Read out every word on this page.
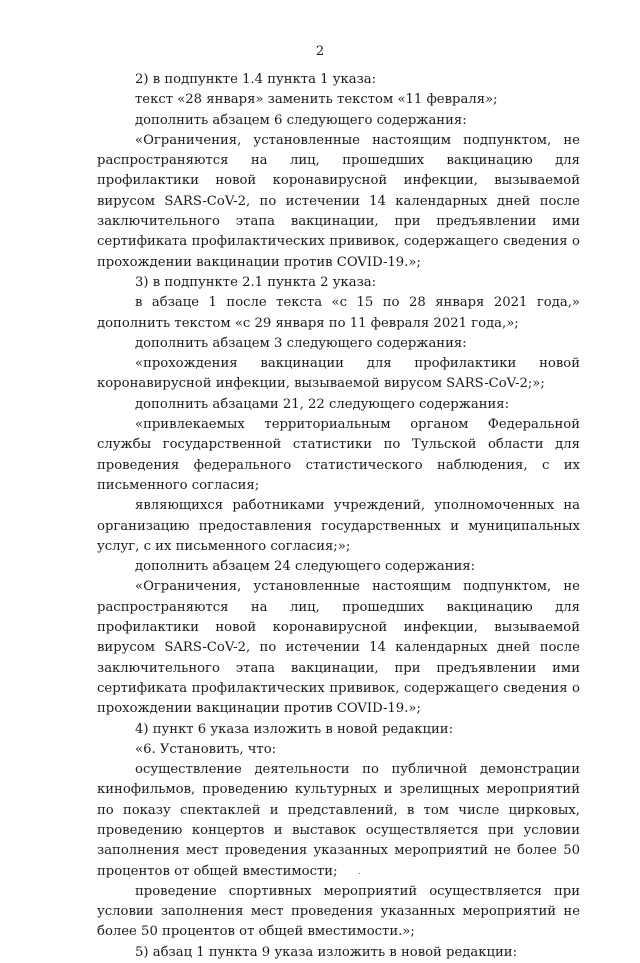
2

2) в подпункте 1.4 пункта 1 указа:

текст «28 января» заменить текстом «11 февраля»;

дополнить абзацем 6 следующего содержания:

«Ограничения, установленные настоящим подпунктом, не распространяются на лиц, прошедших вакцинацию для профилактики новой коронавирусной инфекции, вызываемой вирусом SARS-CoV-2, по истечении 14 календарных дней после заключительного этапа вакцинации, при предъявлении ими сертификата профилактических прививок, содержащего сведения о прохождении вакцинации против COVID-19.»;

3) в подпункте 2.1 пункта 2 указа:

в абзаце 1 после текста «с 15 по 28 января 2021 года,» дополнить текстом «с 29 января по 11 февраля 2021 года,»;

дополнить абзацем 3 следующего содержания:

«прохождения вакцинации для профилактики новой коронавирусной инфекции, вызываемой вирусом SARS-CoV-2;»;

дополнить абзацами 21, 22 следующего содержания:

«привлекаемых территориальным органом Федеральной службы государственной статистики по Тульской области для проведения федерального статистического наблюдения, с их письменного согласия;

являющихся работниками учреждений, уполномоченных на организацию предоставления государственных и муниципальных услуг, с их письменного согласия;»;

дополнить абзацем 24 следующего содержания:

«Ограничения, установленные настоящим подпунктом, не распространяются на лиц, прошедших вакцинацию для профилактики новой коронавирусной инфекции, вызываемой вирусом SARS-CoV-2, по истечении 14 календарных дней после заключительного этапа вакцинации, при предъявлении ими сертификата профилактических прививок, содержащего сведения о прохождении вакцинации против COVID-19.»;

4) пункт 6 указа изложить в новой редакции:

«6. Установить, что:

осуществление деятельности по публичной демонстрации кинофильмов, проведению культурных и зрелищных мероприятий по показу спектаклей и представлений, в том числе цирковых, проведению концертов и выставок осуществляется при условии заполнения мест проведения указанных мероприятий не более 50 процентов от общей вместимости;

проведение спортивных мероприятий осуществляется при условии заполнения мест проведения указанных мероприятий не более 50 процентов от общей вместимости.»;

5) абзац 1 пункта 9 указа изложить в новой редакции:

.
